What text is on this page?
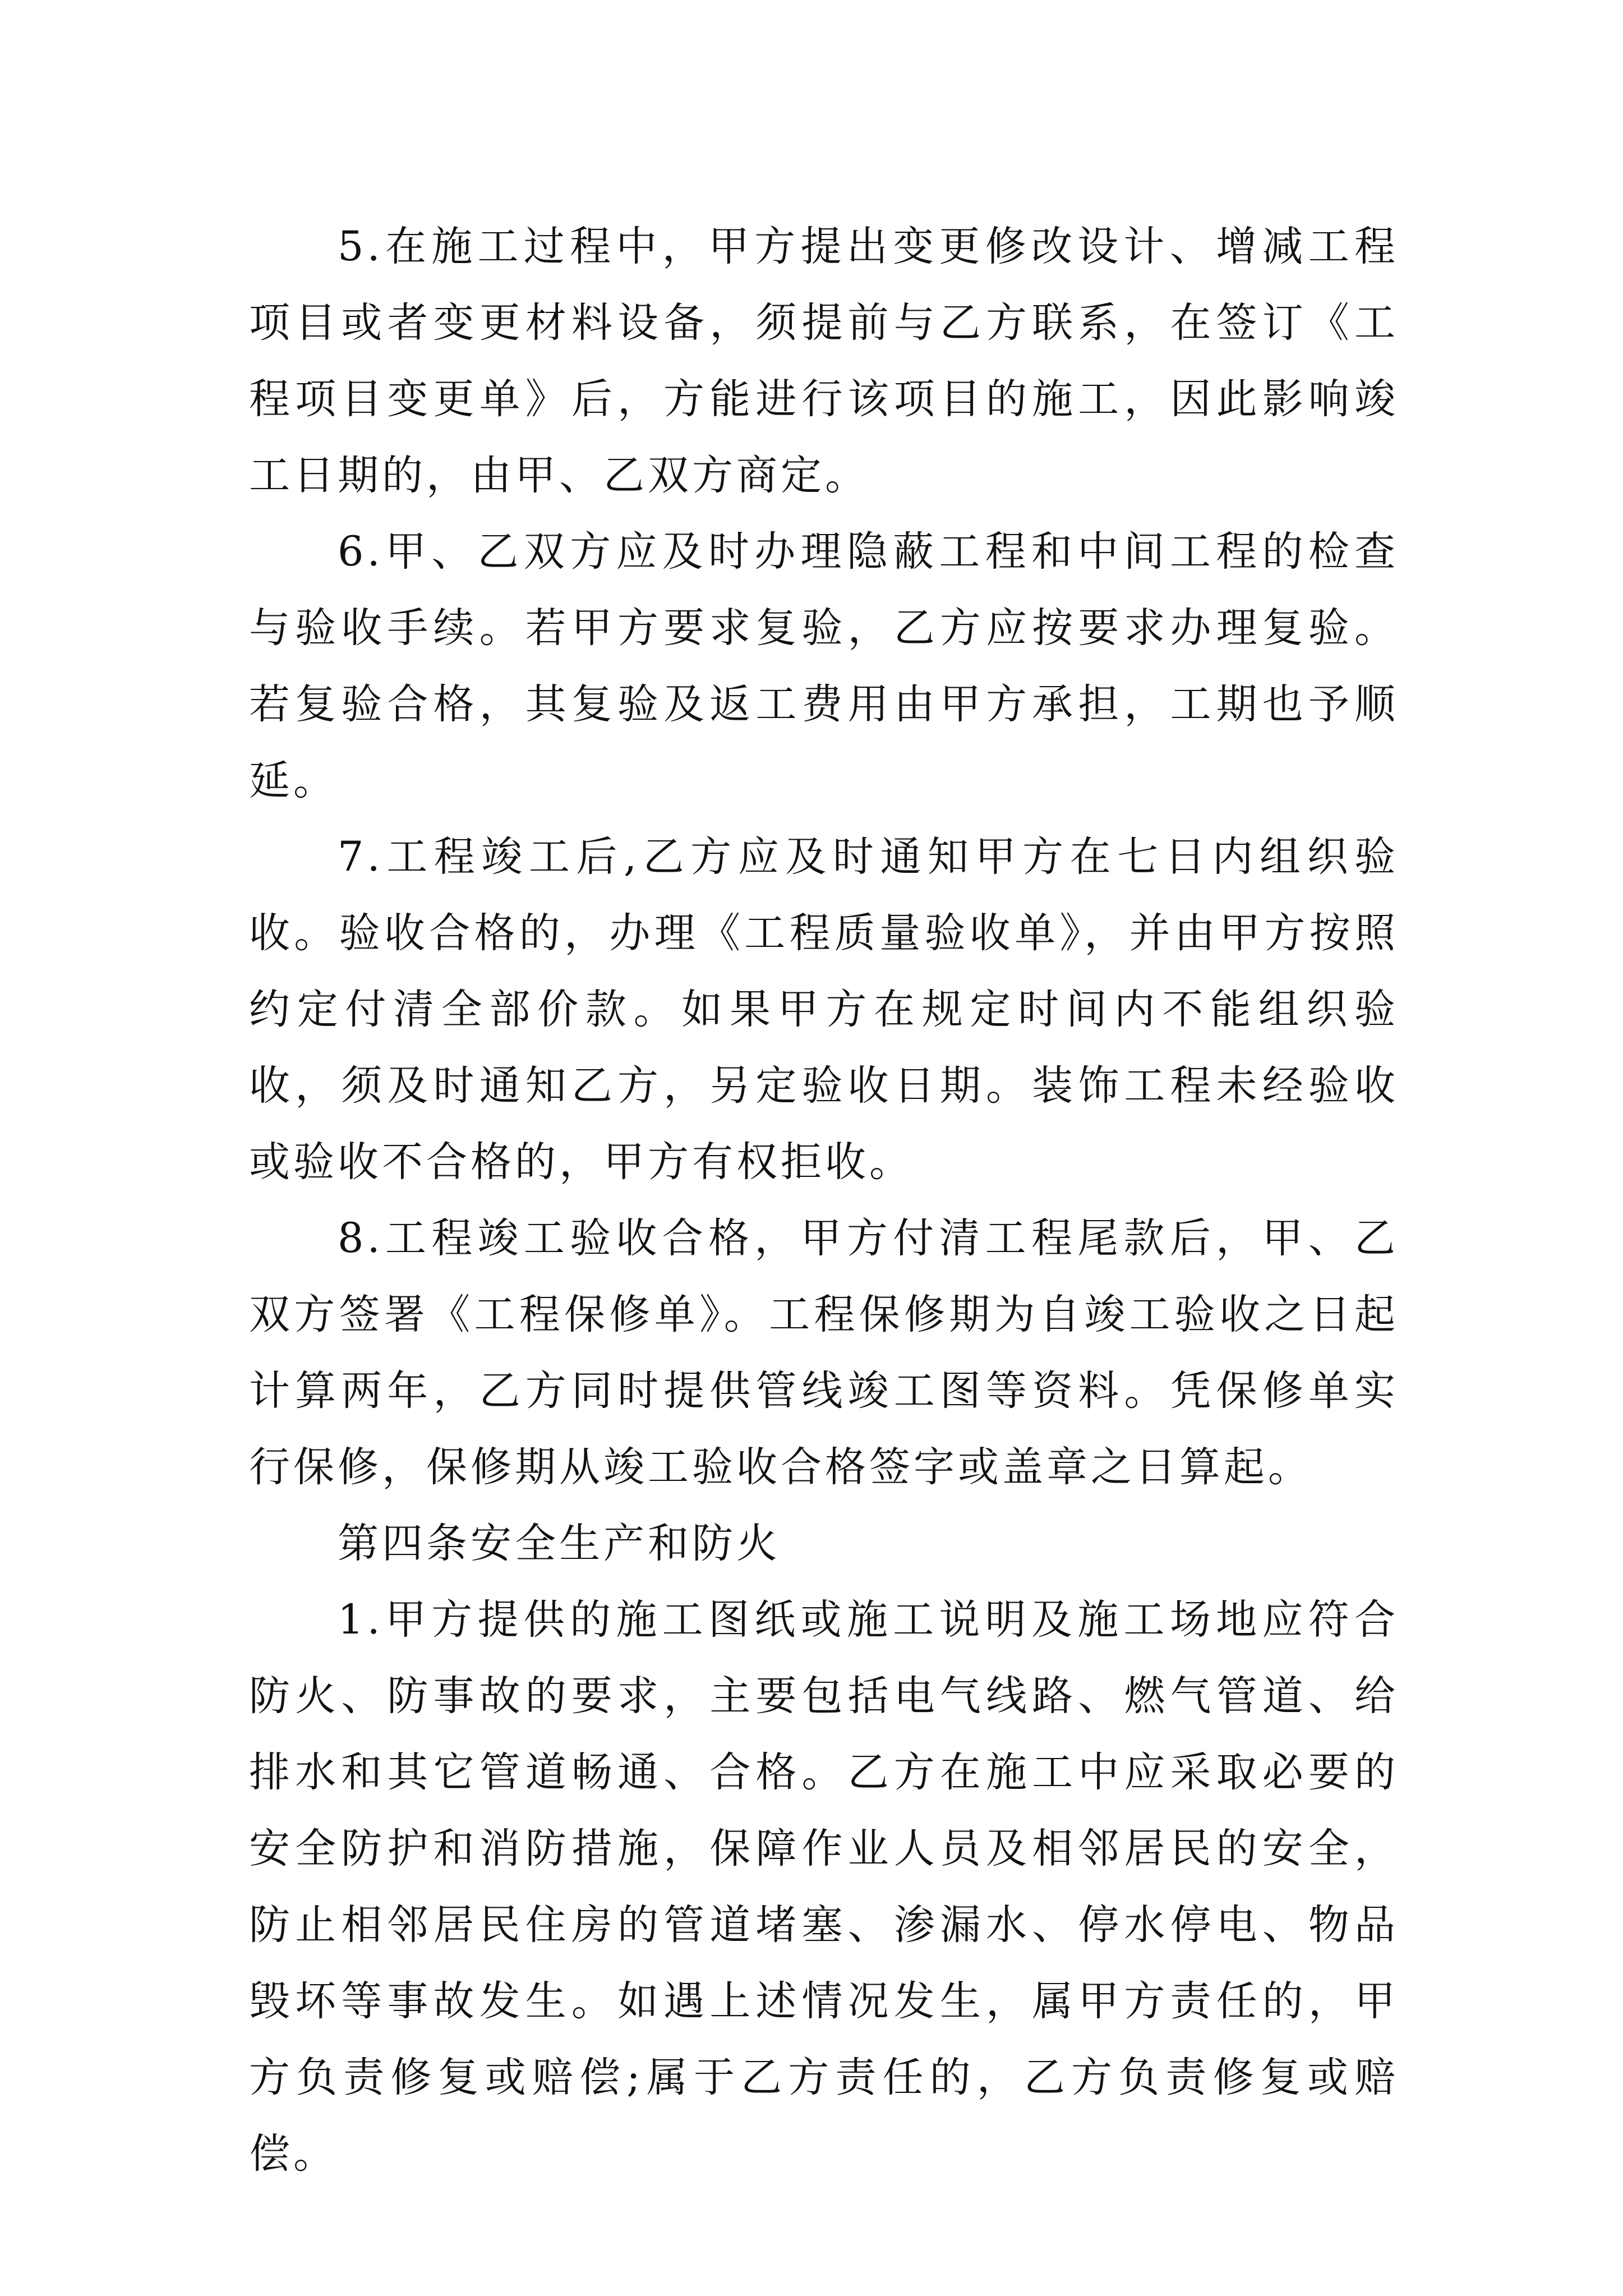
5.在施工过程中，甲方提出变更修改设计、增减工程项目或者变更材料设备，须提前与乙方联系，在签订《工程项目变更单》后，方能进行该项目的施工，因此影响竣工日期的，由甲、乙双方商定。

6.甲、乙双方应及时办理隐蔽工程和中间工程的检查与验收手续。若甲方要求复验，乙方应按要求办理复验。若复验合格，其复验及返工费用由甲方承担，工期也予顺延。

7.工程竣工后,乙方应及时通知甲方在七日内组织验收。验收合格的，办理《工程质量验收单》，并由甲方按照约定付清全部价款。如果甲方在规定时间内不能组织验收，须及时通知乙方，另定验收日期。装饰工程未经验收或验收不合格的，甲方有权拒收。

8.工程竣工验收合格，甲方付清工程尾款后，甲、乙双方签署《工程保修单》。工程保修期为自竣工验收之日起计算两年，乙方同时提供管线竣工图等资料。凭保修单实行保修，保修期从竣工验收合格签字或盖章之日算起。

第四条安全生产和防火

1.甲方提供的施工图纸或施工说明及施工场地应符合防火、防事故的要求，主要包括电气线路、燃气管道、给排水和其它管道畅通、合格。乙方在施工中应采取必要的安全防护和消防措施，保障作业人员及相邻居民的安全，防止相邻居民住房的管道堵塞、渗漏水、停水停电、物品毁坏等事故发生。如遇上述情况发生，属甲方责任的，甲方负责修复或赔偿;属于乙方责任的，乙方负责修复或赔偿。
